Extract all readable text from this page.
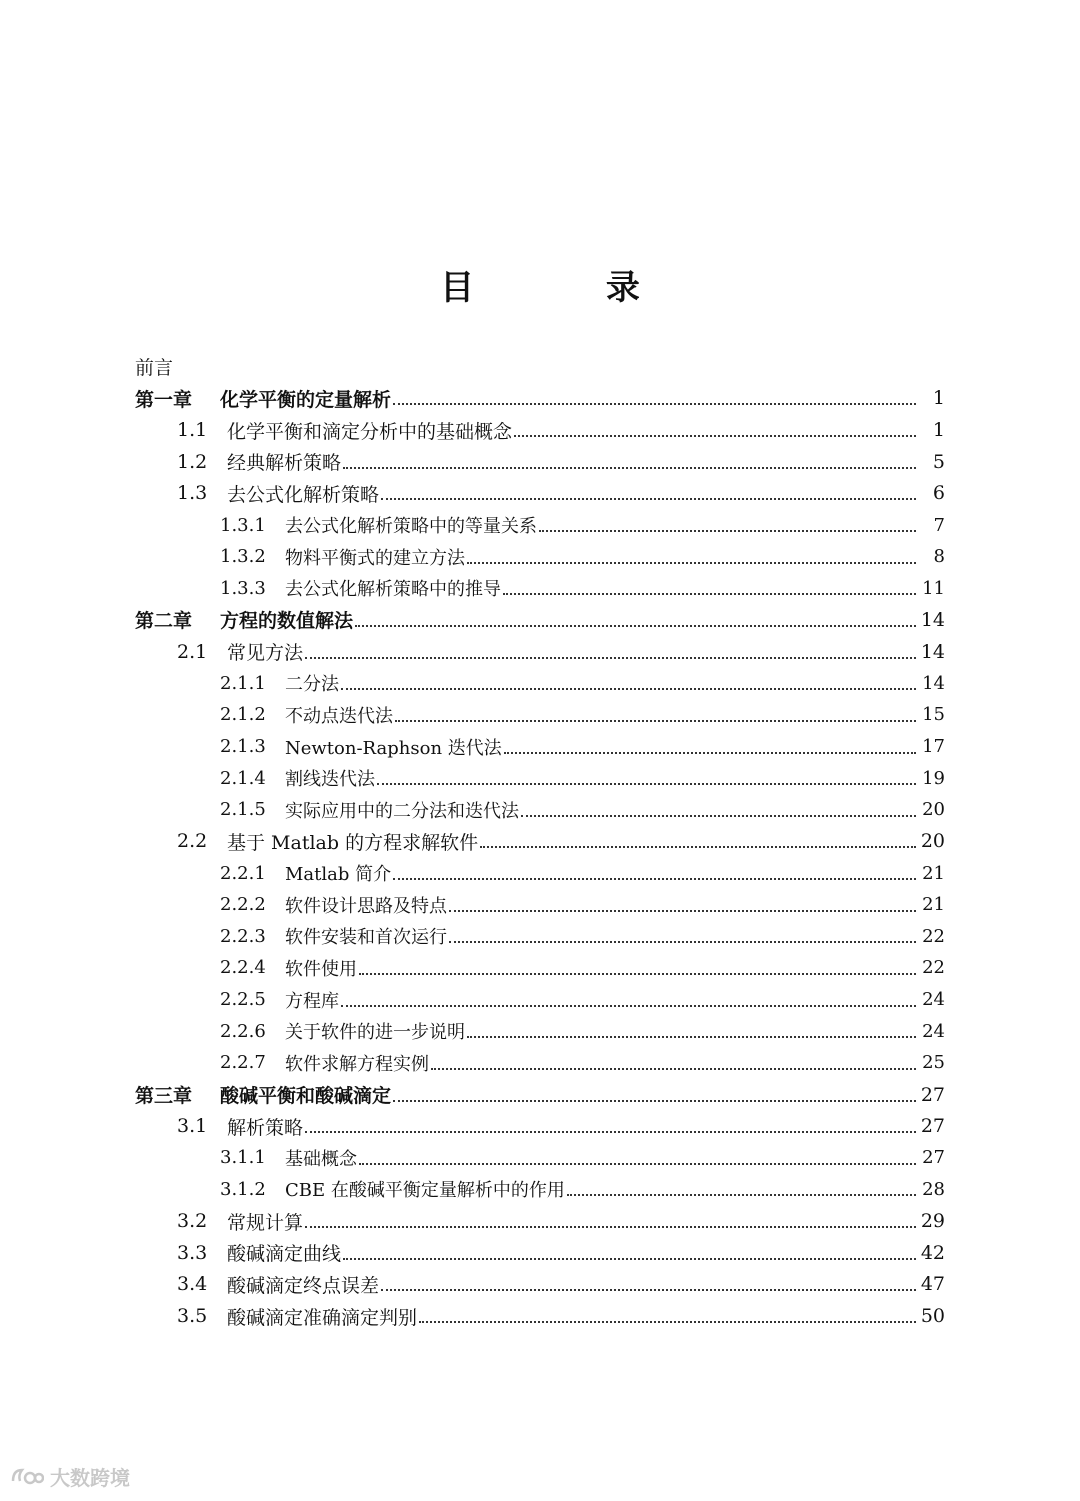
目 录
前言
第一章 化学平衡的定量解析	1
1.1 化学平衡和滴定分析中的基础概念	1
1.2 经典解析策略	5
1.3 去公式化解析策略	6
1.3.1 去公式化解析策略中的等量关系	7
1.3.2 物料平衡式的建立方法	8
1.3.3 去公式化解析策略中的推导	11
第二章 方程的数值解法	14
2.1 常见方法	14
2.1.1 二分法	14
2.1.2 不动点迭代法	15
2.1.3 Newton-Raphson 迭代法	17
2.1.4 割线迭代法	19
2.1.5 实际应用中的二分法和迭代法	20
2.2 基于 Matlab 的方程求解软件	20
2.2.1 Matlab 简介	21
2.2.2 软件设计思路及特点	21
2.2.3 软件安装和首次运行	22
2.2.4 软件使用	22
2.2.5 方程库	24
2.2.6 关于软件的进一步说明	24
2.2.7 软件求解方程实例	25
第三章 酸碱平衡和酸碱滴定	27
3.1 解析策略	27
3.1.1 基础概念	27
3.1.2 CBE 在酸碱平衡定量解析中的作用	28
3.2 常规计算	29
3.3 酸碱滴定曲线	42
3.4 酸碱滴定终点误差	47
3.5 酸碱滴定准确滴定判别	50
大数跨境
